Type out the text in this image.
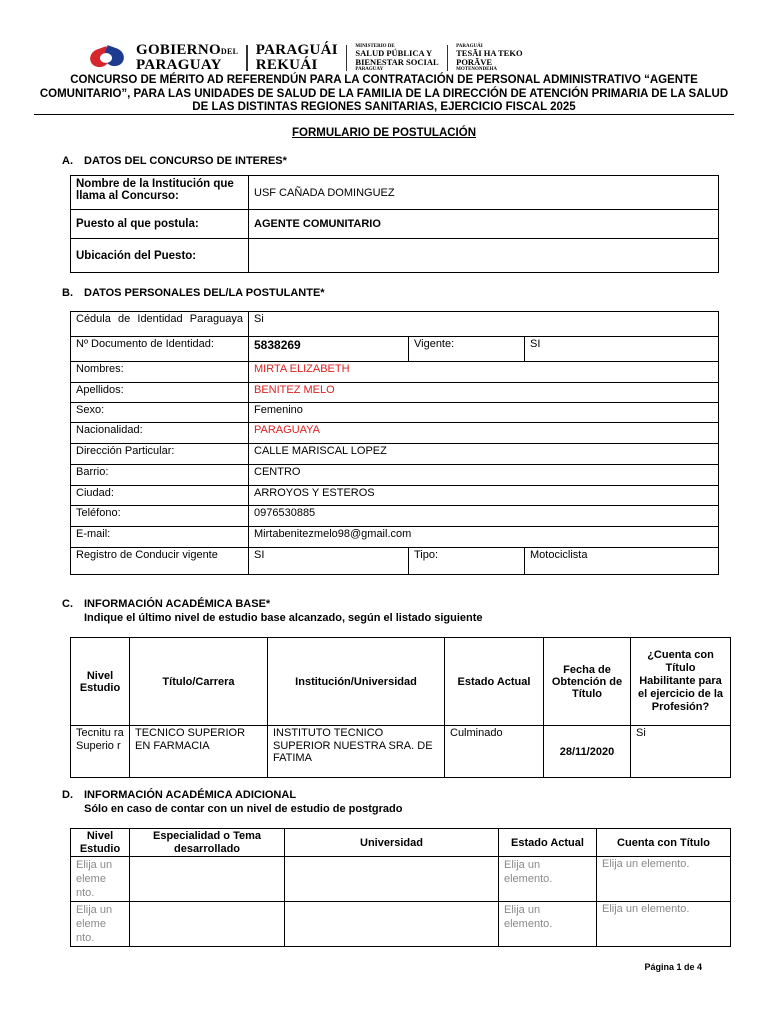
GOBIERNODEL
PARAGUAY
PARAGUÁI
REKUÁI
MINISTERIO DE
SALUD PÚBLICA Y
BIENESTAR SOCIAL
PARAGUAY
PARAGUÁI
TESÃI HA TEKO
PORÃVE
MOTENONDEHA
CONCURSO DE MÉRITO AD REFERENDÚN PARA LA CONTRATACIÓN DE PERSONAL ADMINISTRATIVO “AGENTE COMUNITARIO”, PARA LAS UNIDADES DE SALUD DE LA FAMILIA DE LA DIRECCIÓN DE ATENCIÓN PRIMARIA DE LA SALUD DE LAS DISTINTAS REGIONES SANITARIAS, EJERCICIO FISCAL 2025
FORMULARIO DE POSTULACIÓN
A. DATOS DEL CONCURSO DE INTERES*
Nombre de la Institución que llama al Concurso:	USF CAÑADA DOMINGUEZ
Puesto al que postula:	AGENTE COMUNITARIO
Ubicación del Puesto:	
B. DATOS PERSONALES DEL/LA POSTULANTE*
Cédula de Identidad Paraguaya	Si		
Nº Documento de Identidad:	5838269	Vigente:	SI
Nombres:	MIRTA ELIZABETH		
Apellidos:	BENITEZ MELO		
Sexo:	Femenino		
Nacionalidad:	PARAGUAYA		
Dirección Particular:	CALLE MARISCAL LOPEZ		
Barrio:	CENTRO		
Ciudad:	ARROYOS Y ESTEROS		
Teléfono:	0976530885		
E-mail:	Mirtabenitezmelo98@gmail.com		
Registro de Conducir vigente	SI	Tipo:	Motociclista
C. INFORMACIÓN ACADÉMICA BASE*
Indique el último nivel de estudio base alcanzado, según el listado siguiente
Nivel Estudio	Título/Carrera	Institución/Universidad	Estado Actual	Fecha de Obtención de Título	¿Cuenta con Título Habilitante para el ejercicio de la Profesión?
Tecnitu ra Superio r	TECNICO SUPERIOR EN FARMACIA	INSTITUTO TECNICO SUPERIOR NUESTRA SRA. DE FATIMA	Culminado	28/11/2020	Si
D. INFORMACIÓN ACADÉMICA ADICIONAL
Sólo en caso de contar con un nivel de estudio de postgrado
Nivel Estudio	Especialidad o Tema desarrollado	Universidad	Estado Actual	Cuenta con Título
Elija un eleme nto.			Elija un elemento.	Elija un elemento.
Elija un eleme nto.			Elija un elemento.	Elija un elemento.
Página 1 de 4
